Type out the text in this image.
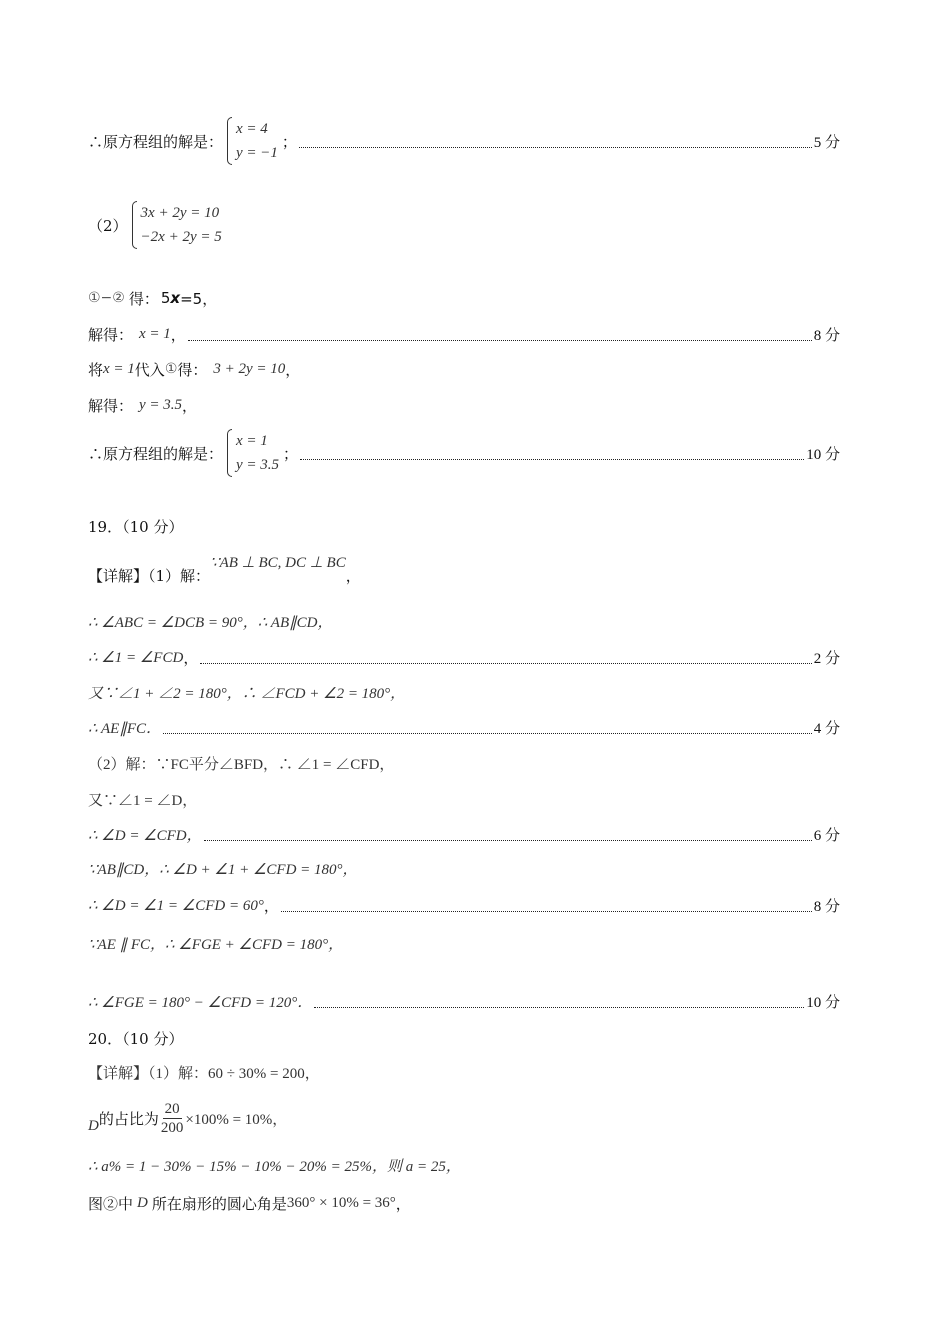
∴原方程组的解是：
x = 4
y = −1
；	5 分
（2）
3x + 2y = 10
−2x + 2y = 5
①−② 得： 5 x =5，
解得： x = 1 ，	8 分
将 x = 1 代入 ① 得： 3 + 2y = 10 ，
解得： y = 3.5 ，
∴原方程组的解是：
x = 1
y = 3.5
；	10 分
19．（10 分）
【详解】（1）解：
∵AB ⊥ BC, DC ⊥ BC
，
∴ ∠ABC = ∠DCB = 90°，∴ AB∥CD，
∴ ∠1 = ∠FCD ，	2 分
又∵∠1 + ∠2 = 180°，∴ ∠FCD + ∠2 = 180°，
∴ AE∥FC．	4 分
（2）解：∵FC平分∠BFD，∴ ∠1 = ∠CFD，
又∵∠1 = ∠D，
∴ ∠D = ∠CFD，	6 分
∵AB∥CD，∴ ∠D + ∠1 + ∠CFD = 180°，
∴ ∠D = ∠1 = ∠CFD = 60° ，	8 分
∵AE ∥ FC，∴ ∠FGE + ∠CFD = 180°，
∴ ∠FGE = 180° − ∠CFD = 120°．	10 分
20．（10 分）
【详解】（1）解：60 ÷ 30% = 200，
D 的占比为 $\frac{20}{200} \times 100\% = 10\%$，
∴ a% = 1 − 30% − 15% − 10% − 20% = 25%，则 a = 25，
图②中 D 所在扇形的圆心角是 360° × 10% = 36° ，
